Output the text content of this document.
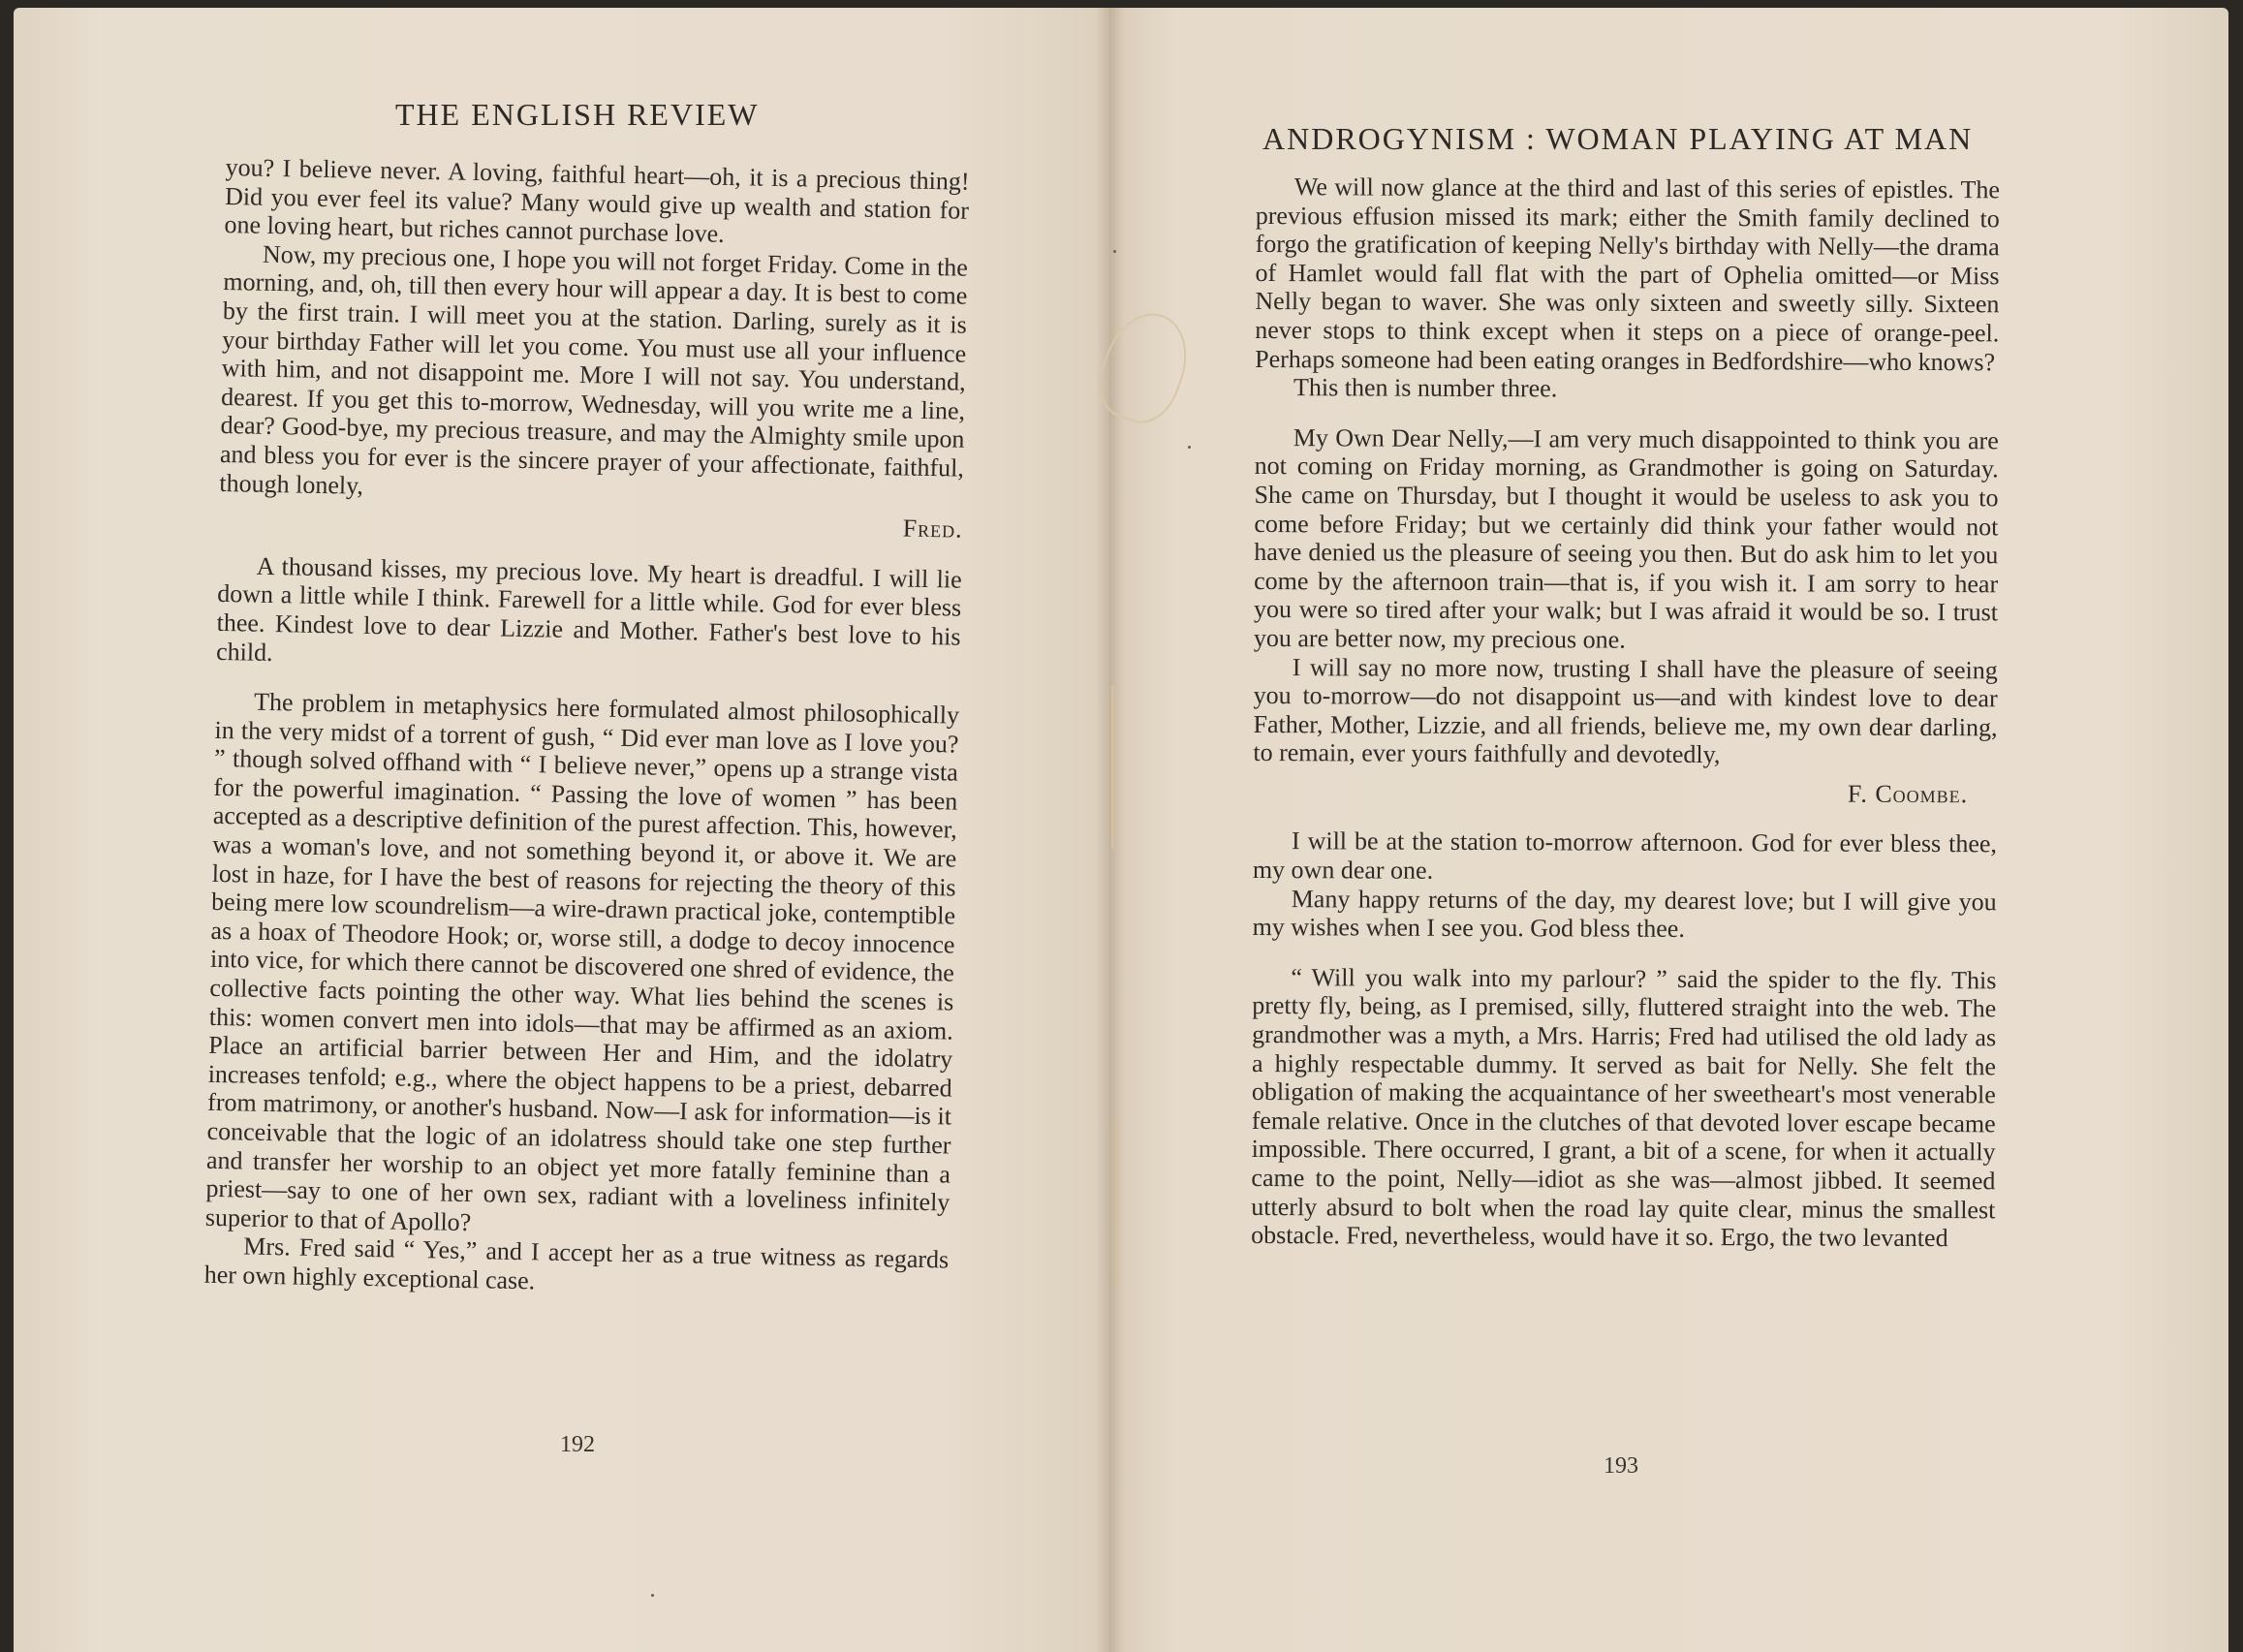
THE ENGLISH REVIEW

you? I believe never. A loving, faithful heart—oh, it is a precious thing! Did you ever feel its value? Many would give up wealth and station for one loving heart, but riches cannot purchase love.

Now, my precious one, I hope you will not forget Friday. Come in the morning, and, oh, till then every hour will appear a day. It is best to come by the first train. I will meet you at the station. Darling, surely as it is your birthday Father will let you come. You must use all your influence with him, and not disappoint me. More I will not say. You understand, dearest. If you get this to-morrow, Wednesday, will you write me a line, dear? Good-bye, my precious treasure, and may the Almighty smile upon and bless you for ever is the sincere prayer of your affectionate, faithful, though lonely,

Fred.

A thousand kisses, my precious love. My heart is dreadful. I will lie down a little while I think. Farewell for a little while. God for ever bless thee. Kindest love to dear Lizzie and Mother. Father's best love to his child.

The problem in metaphysics here formulated almost philosophically in the very midst of a torrent of gush, “ Did ever man love as I love you? ” though solved offhand with “ I believe never,” opens up a strange vista for the powerful imagination. “ Passing the love of women ” has been accepted as a descriptive definition of the purest affection. This, however, was a woman's love, and not something beyond it, or above it. We are lost in haze, for I have the best of reasons for rejecting the theory of this being mere low scoundrelism—a wire-drawn practical joke, contemptible as a hoax of Theodore Hook; or, worse still, a dodge to decoy innocence into vice, for which there cannot be discovered one shred of evidence, the collective facts pointing the other way. What lies behind the scenes is this: women convert men into idols—that may be affirmed as an axiom. Place an artificial barrier between Her and Him, and the idolatry increases tenfold; e.g., where the object happens to be a priest, debarred from matrimony, or another's husband. Now—I ask for information—is it conceivable that the logic of an idolatress should take one step further and transfer her worship to an object yet more fatally feminine than a priest—say to one of her own sex, radiant with a loveliness infinitely superior to that of Apollo?

Mrs. Fred said “ Yes,” and I accept her as a true witness as regards her own highly exceptional case.

192
ANDROGYNISM : WOMAN PLAYING AT MAN

We will now glance at the third and last of this series of epistles. The previous effusion missed its mark; either the Smith family declined to forgo the gratification of keeping Nelly's birthday with Nelly—the drama of Hamlet would fall flat with the part of Ophelia omitted—or Miss Nelly began to waver. She was only sixteen and sweetly silly. Sixteen never stops to think except when it steps on a piece of orange-peel. Perhaps someone had been eating oranges in Bedfordshire—who knows?

This then is number three.

My Own Dear Nelly,—I am very much disappointed to think you are not coming on Friday morning, as Grandmother is going on Saturday. She came on Thursday, but I thought it would be useless to ask you to come before Friday; but we certainly did think your father would not have denied us the pleasure of seeing you then. But do ask him to let you come by the afternoon train—that is, if you wish it. I am sorry to hear you were so tired after your walk; but I was afraid it would be so. I trust you are better now, my precious one.

I will say no more now, trusting I shall have the pleasure of seeing you to-morrow—do not disappoint us—and with kindest love to dear Father, Mother, Lizzie, and all friends, believe me, my own dear darling, to remain, ever yours faithfully and devotedly,

F. Coombe.

I will be at the station to-morrow afternoon. God for ever bless thee, my own dear one.

Many happy returns of the day, my dearest love; but I will give you my wishes when I see you. God bless thee.

“ Will you walk into my parlour? ” said the spider to the fly. This pretty fly, being, as I premised, silly, fluttered straight into the web. The grandmother was a myth, a Mrs. Harris; Fred had utilised the old lady as a highly respectable dummy. It served as bait for Nelly. She felt the obligation of making the acquaintance of her sweetheart's most venerable female relative. Once in the clutches of that devoted lover escape became impossible. There occurred, I grant, a bit of a scene, for when it actually came to the point, Nelly—idiot as she was—almost jibbed. It seemed utterly absurd to bolt when the road lay quite clear, minus the smallest obstacle. Fred, nevertheless, would have it so. Ergo, the two levanted

193
